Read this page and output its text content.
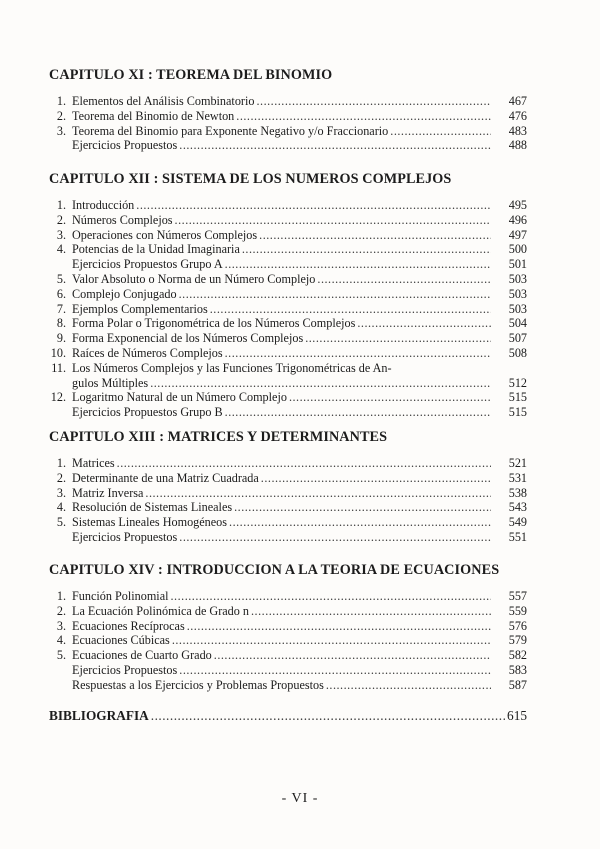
CAPITULO XI : TEOREMA DEL BINOMIO
1. Elementos del Análisis Combinatorio .....	467
2. Teorema del Binomio de Newton .....	476
3. Teorema del Binomio para Exponente Negativo y/o Fraccionario .....	483
Ejercicios Propuestos .....	488
CAPITULO XII : SISTEMA DE LOS NUMEROS COMPLEJOS
1. Introducción .....	495
2. Números Complejos .....	496
3. Operaciones con Números Complejos .....	497
4. Potencias de la Unidad Imaginaria .....	500
Ejercicios Propuestos Grupo A .....	501
5. Valor Absoluto o Norma de un Número Complejo .....	503
6. Complejo Conjugado .....	503
7. Ejemplos Complementarios .....	503
8. Forma Polar o Trigonométrica de los Números Complejos .....	504
9. Forma Exponencial de los Números Complejos .....	507
10. Raíces de Números Complejos .....	508
11. Los Números Complejos y las Funciones Trigonométricas de An-
gulos Múltiples .....	512
12. Logaritmo Natural de un Número Complejo .....	515
Ejercicios Propuestos Grupo B .....	515
CAPITULO XIII : MATRICES Y DETERMINANTES
1. Matrices .....	521
2. Determinante de una Matriz Cuadrada .....	531
3. Matriz Inversa .....	538
4. Resolución de Sistemas Lineales .....	543
5. Sistemas Lineales Homogéneos .....	549
Ejercicios Propuestos .....	551
CAPITULO XIV : INTRODUCCION A LA TEORIA DE ECUACIONES
1. Función Polinomial .....	557
2. La Ecuación Polinómica de Grado n .....	559
3. Ecuaciones Recíprocas .....	576
4. Ecuaciones Cúbicas .....	579
5. Ecuaciones de Cuarto Grado .....	582
Ejercicios Propuestos .....	583
Respuestas a los Ejercicios y Problemas Propuestos .....	587
BIBLIOGRAFIA .....	615
- VI -
